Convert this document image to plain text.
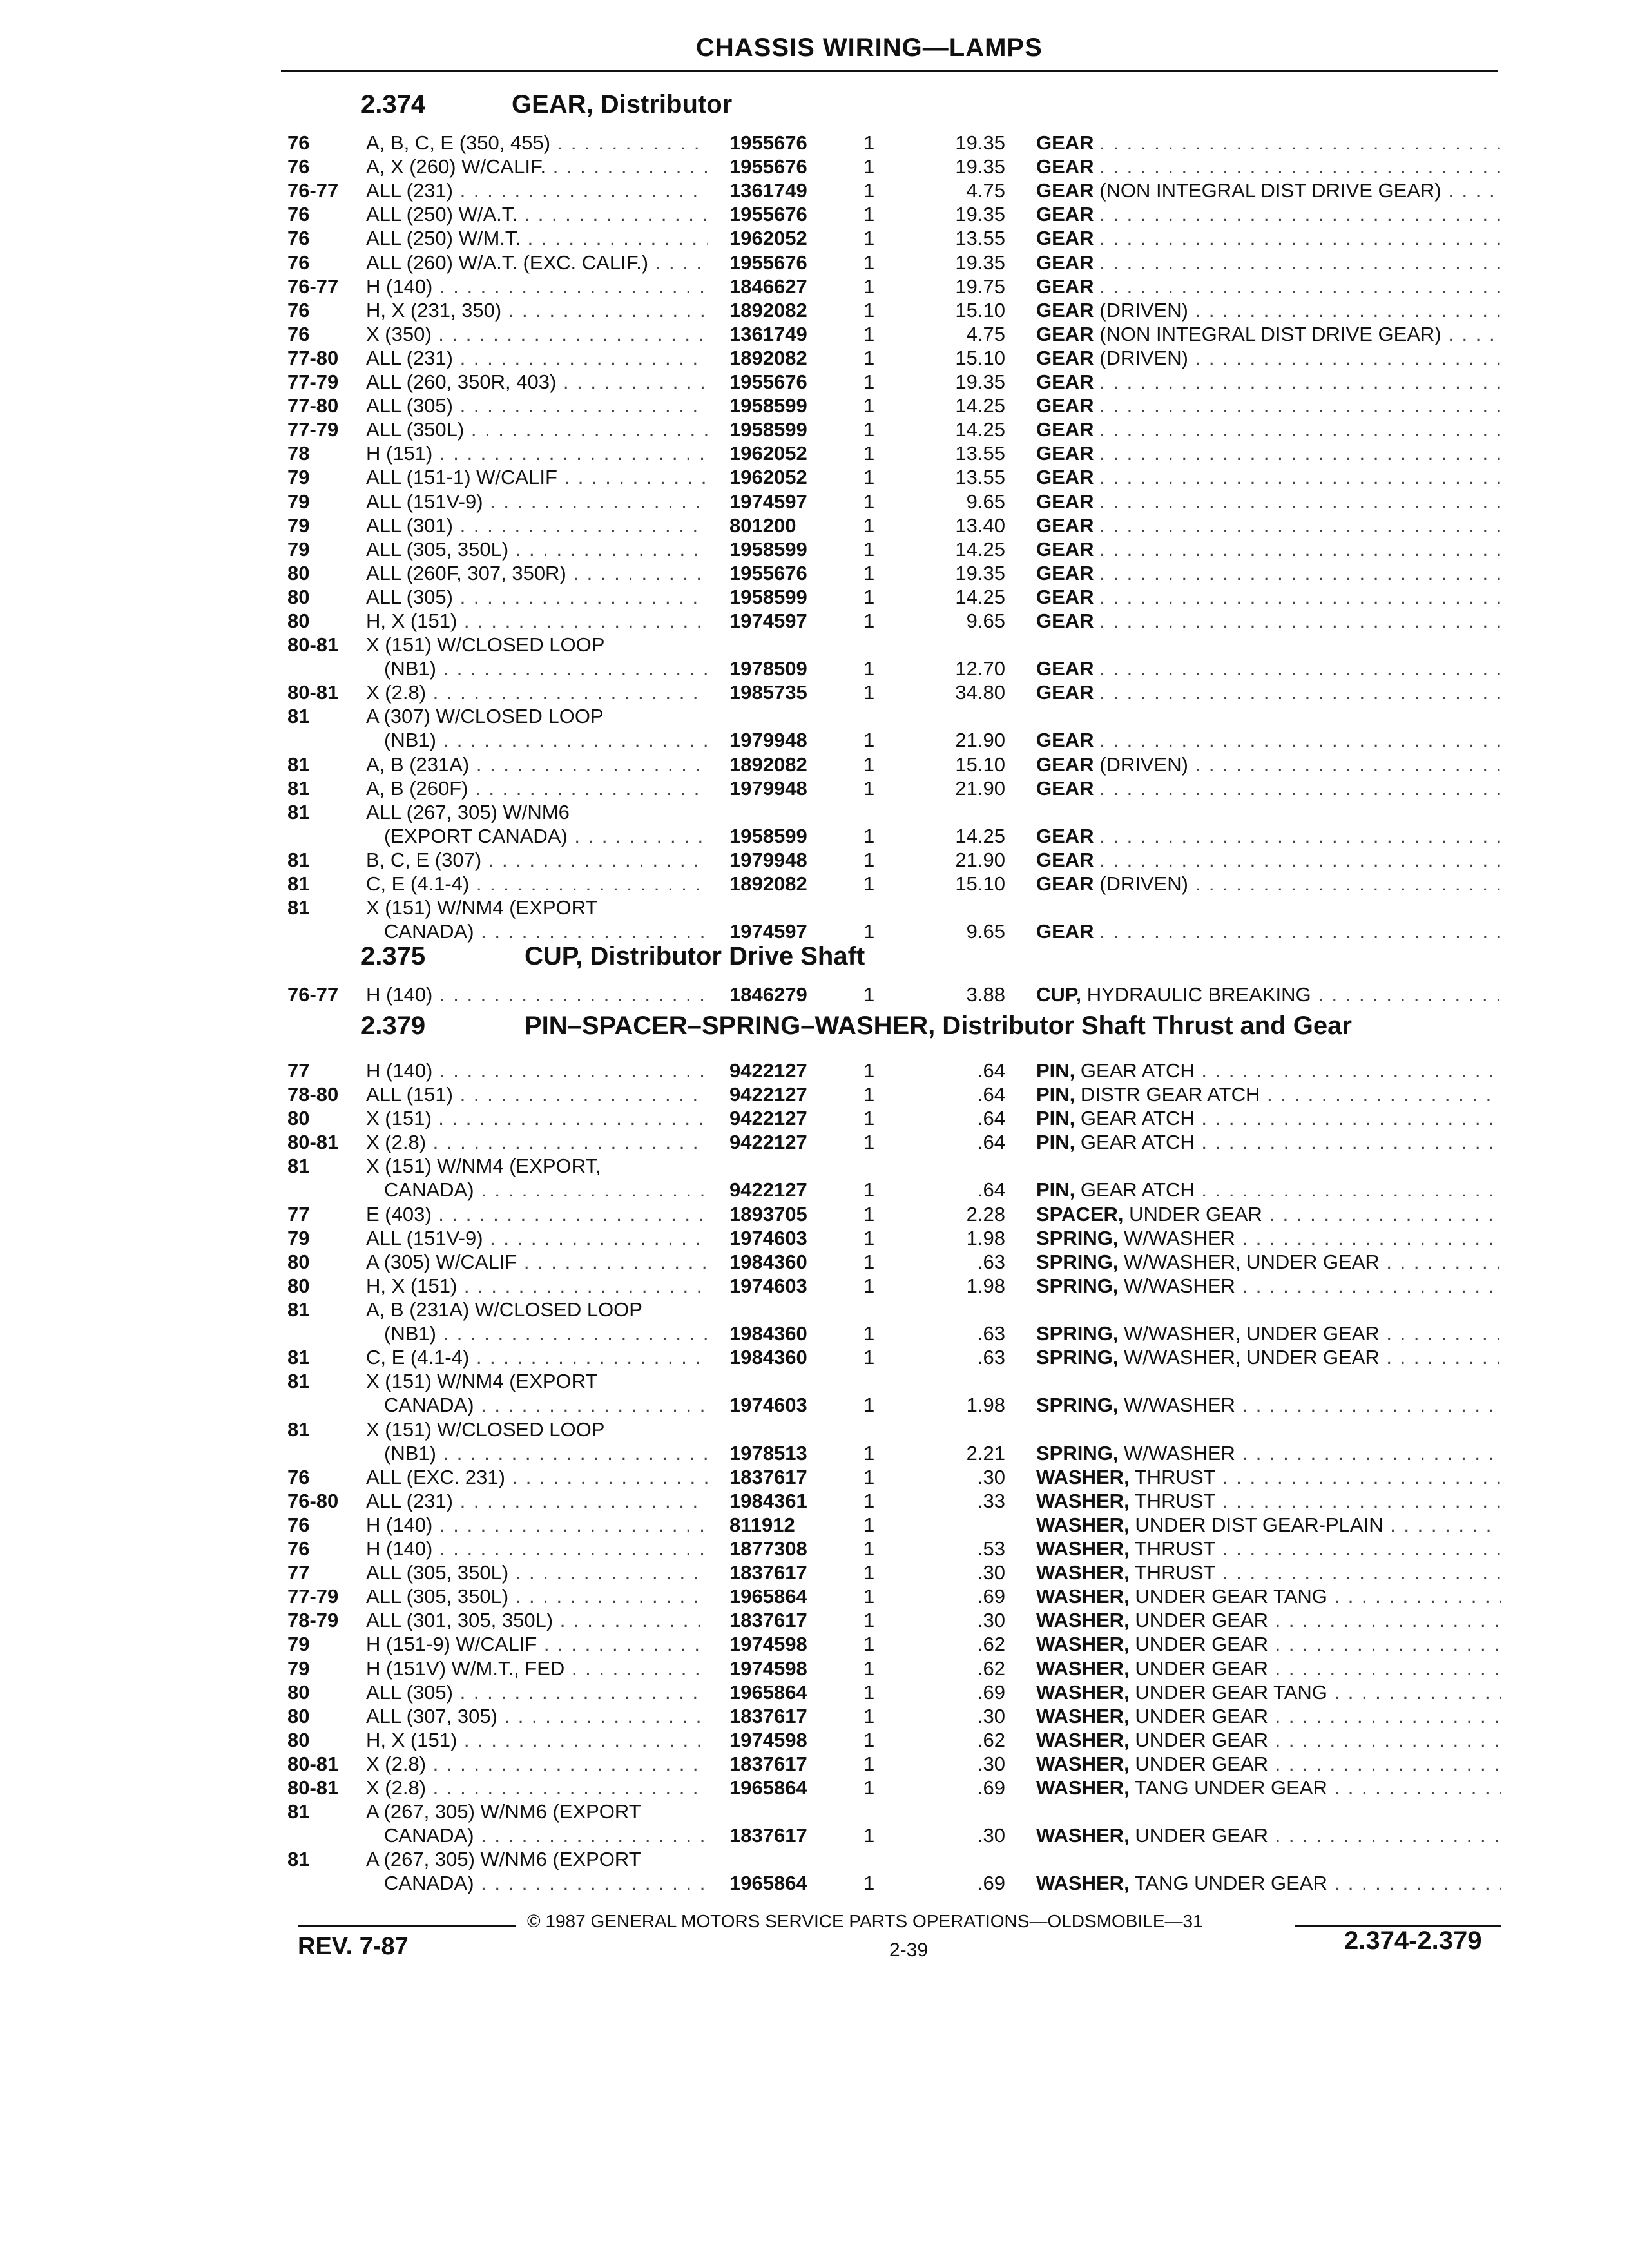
CHASSIS WIRING—LAMPS
2.374	GEAR, Distributor
76	A, B, C, E (350, 455) . . .	1955676	1	19.35 GEAR . . .
76	A, X (260) W/CALIF. . . .	1955676	1	19.35 GEAR . . .
76-77 ALL (231) . . .	1361749	1	4.75 GEAR (NON INTEGRAL DIST DRIVE GEAR) . . .
76	ALL (250) W/A.T. . . .	1955676	1	19.35 GEAR . . .
76	ALL (250) W/M.T. . . .	1962052	1	13.55 GEAR . . .
76	ALL (260) W/A.T. (EXC. CALIF.) . . .	1955676	1	19.35 GEAR . . .
76-77 H (140) . . .	1846627	1	19.75 GEAR . . .
76	H, X (231, 350) . . .	1892082	1	15.10 GEAR (DRIVEN) . . .
76	X (350) . . .	1361749	1	4.75 GEAR (NON INTEGRAL DIST DRIVE GEAR) . . .
77-80 ALL (231) . . .	1892082	1	15.10 GEAR (DRIVEN) . . .
77-79 ALL (260, 350R, 403) . . .	1955676	1	19.35 GEAR . . .
77-80 ALL (305) . . .	1958599	1	14.25 GEAR . . .
77-79 ALL (350L) . . .	1958599	1	14.25 GEAR . . .
78	H (151) . . .	1962052	1	13.55 GEAR . . .
79	ALL (151-1) W/CALIF . . .	1962052	1	13.55 GEAR . . .
79	ALL (151V-9) . . .	1974597	1	9.65 GEAR . . .
79	ALL (301) . . .	801200	1	13.40 GEAR . . .
79	ALL (305, 350L) . . .	1958599	1	14.25 GEAR . . .
80	ALL (260F, 307, 350R) . . .	1955676	1	19.35 GEAR . . .
80	ALL (305) . . .	1958599	1	14.25 GEAR . . .
80	H, X (151) . . .	1974597	1	9.65 GEAR . . .
80-81 X (151) W/CLOSED LOOP
(NB1) . . .	1978509	1	12.70 GEAR . . .
80-81 X (2.8) . . .	1985735	1	34.80 GEAR . . .
81	A (307) W/CLOSED LOOP
(NB1) . . .	1979948	1	21.90 GEAR . . .
81	A, B (231A) . . .	1892082	1	15.10 GEAR (DRIVEN) . . .
81	A, B (260F) . . .	1979948	1	21.90 GEAR . . .
81	ALL (267, 305) W/NM6
(EXPORT CANADA) . . .	1958599	1	14.25 GEAR . . .
81	B, C, E (307) . . .	1979948	1	21.90 GEAR . . .
81	C, E (4.1-4) . . .	1892082	1	15.10 GEAR (DRIVEN) . . .
81	X (151) W/NM4 (EXPORT
CANADA) . . .	1974597	1	9.65 GEAR . . .
2.375	CUP, Distributor Drive Shaft
76-77 H (140) . . .	1846279	1	3.88 CUP, HYDRAULIC BREAKING . . .
2.379	PIN–SPACER–SPRING–WASHER, Distributor Shaft Thrust and Gear
77	H (140) . . .	9422127	1	.64 PIN, GEAR ATCH . . .
78-80 ALL (151) . . .	9422127	1	.64 PIN, DISTR GEAR ATCH . . .
80	X (151) . . .	9422127	1	.64 PIN, GEAR ATCH . . .
80-81 X (2.8) . . .	9422127	1	.64 PIN, GEAR ATCH . . .
81	X (151) W/NM4 (EXPORT,
CANADA) . . .	9422127	1	.64 PIN, GEAR ATCH . . .
77	E (403) . . .	1893705	1	2.28 SPACER, UNDER GEAR . . .
79	ALL (151V-9) . . .	1974603	1	1.98 SPRING, W/WASHER . . .
80	A (305) W/CALIF . . .	1984360	1	.63 SPRING, W/WASHER, UNDER GEAR . . .
80	H, X (151) . . .	1974603	1	1.98 SPRING, W/WASHER . . .
81	A, B (231A) W/CLOSED LOOP
(NB1) . . .	1984360	1	.63 SPRING, W/WASHER, UNDER GEAR . . .
81	C, E (4.1-4) . . .	1984360	1	.63 SPRING, W/WASHER, UNDER GEAR . . .
81	X (151) W/NM4 (EXPORT
CANADA) . . .	1974603	1	1.98 SPRING, W/WASHER . . .
81	X (151) W/CLOSED LOOP
(NB1) . . .	1978513	1	2.21 SPRING, W/WASHER . . .
76	ALL (EXC. 231) . . .	1837617	1	.30 WASHER, THRUST . . .
76-80 ALL (231) . . .	1984361	1	.33 WASHER, THRUST . . .
76	H (140) . . .	811912	1	WASHER, UNDER DIST GEAR-PLAIN . . .
76	H (140) . . .	1877308	1	.53 WASHER, THRUST . . .
77	ALL (305, 350L) . . .	1837617	1	.30 WASHER, THRUST . . .
77-79 ALL (305, 350L) . . .	1965864	1	.69 WASHER, UNDER GEAR TANG . . .
78-79 ALL (301, 305, 350L) . . .	1837617	1	.30 WASHER, UNDER GEAR . . .
79	H (151-9) W/CALIF . . .	1974598	1	.62 WASHER, UNDER GEAR . . .
79	H (151V) W/M.T., FED . . .	1974598	1	.62 WASHER, UNDER GEAR . . .
80	ALL (305) . . .	1965864	1	.69 WASHER, UNDER GEAR TANG . . .
80	ALL (307, 305) . . .	1837617	1	.30 WASHER, UNDER GEAR . . .
80	H, X (151) . . .	1974598	1	.62 WASHER, UNDER GEAR . . .
80-81 X (2.8) . . .	1837617	1	.30 WASHER, UNDER GEAR . . .
80-81 X (2.8) . . .	1965864	1	.69 WASHER, TANG UNDER GEAR . . .
81	A (267, 305) W/NM6 (EXPORT
CANADA) . . .	1837617	1	.30 WASHER, UNDER GEAR . . .
81	A (267, 305) W/NM6 (EXPORT
CANADA) . . .	1965864	1	.69 WASHER, TANG UNDER GEAR . . .
© 1987 GENERAL MOTORS SERVICE PARTS OPERATIONS—OLDSMOBILE—31
REV. 7-87	2-39	2.374-2.379
